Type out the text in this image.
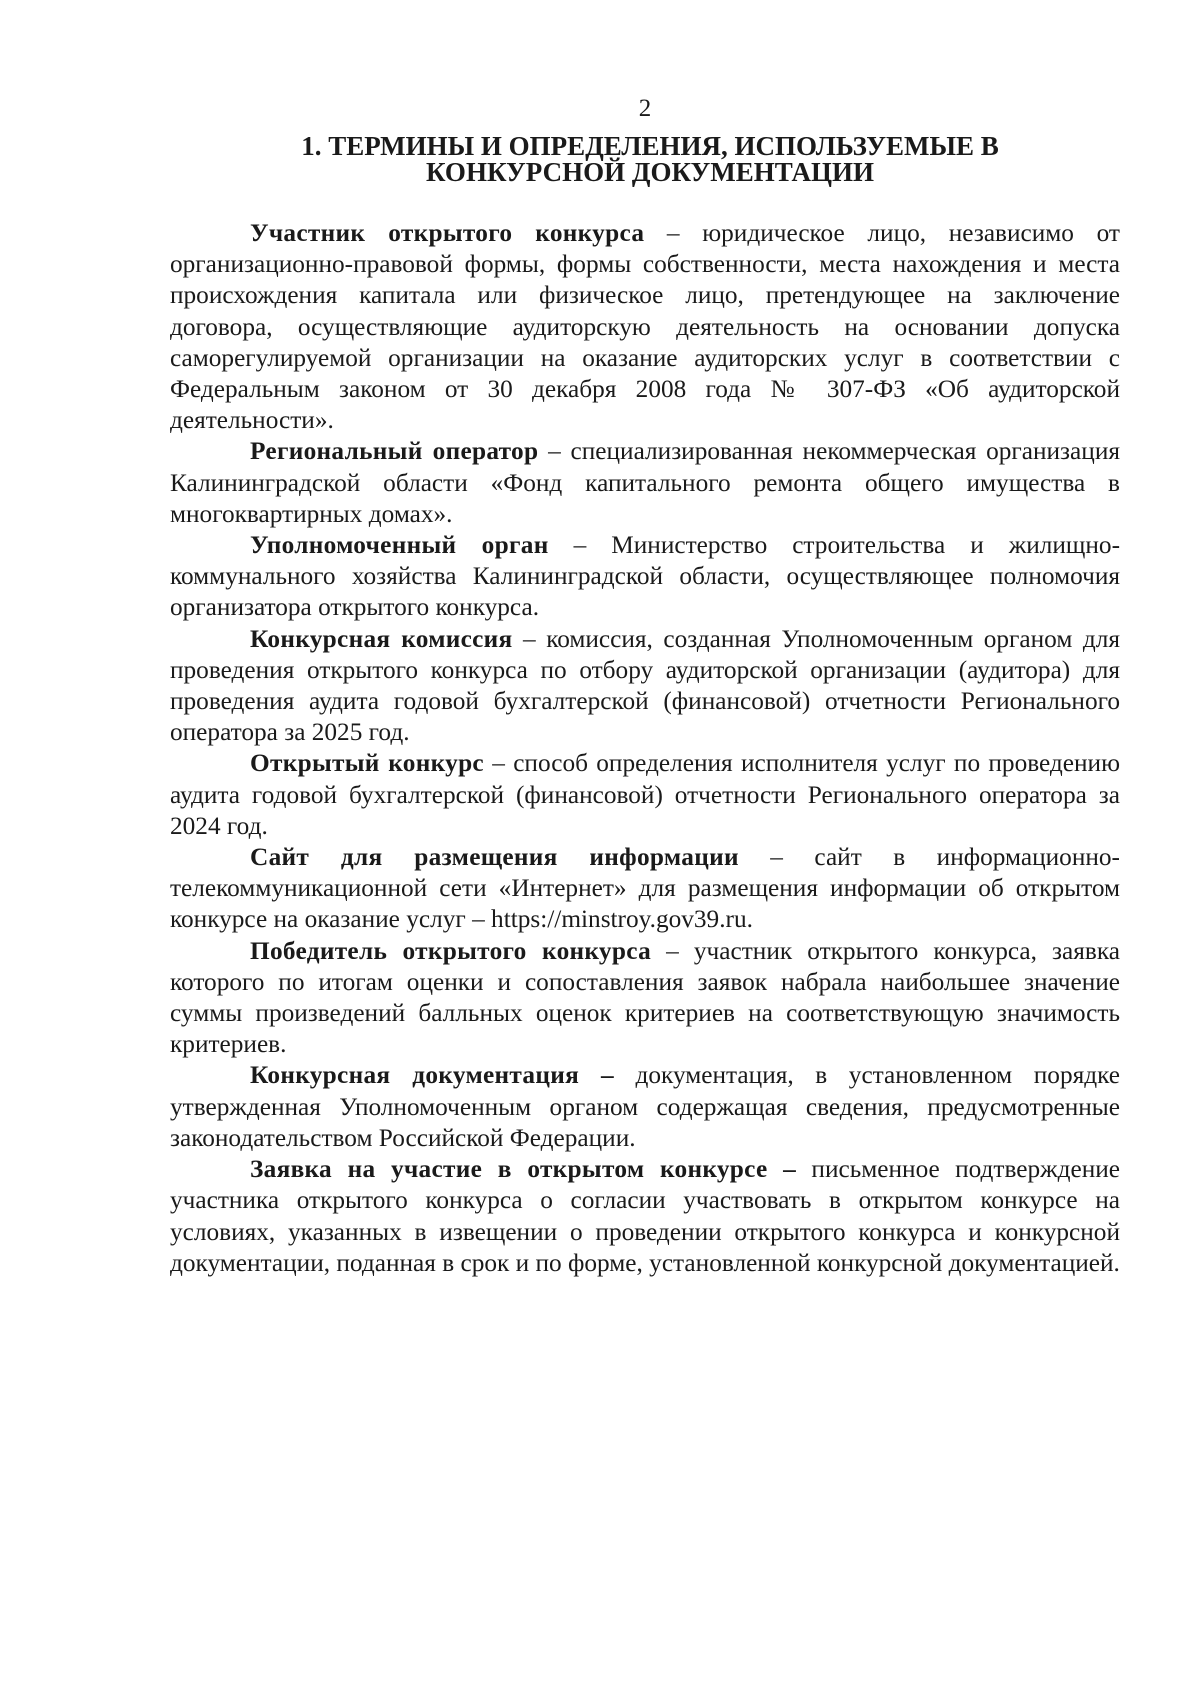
2
1. ТЕРМИНЫ И ОПРЕДЕЛЕНИЯ, ИСПОЛЬЗУЕМЫЕ В
КОНКУРСНОЙ ДОКУМЕНТАЦИИ

Участник открытого конкурса – юридическое лицо, независимо от организационно-правовой формы, формы собственности, места нахождения и места происхождения капитала или физическое лицо, претендующее на заключение договора, осуществляющие аудиторскую деятельность на основании допуска саморегулируемой организации на оказание аудиторских услуг в соответствии с Федеральным законом от 30 декабря 2008 года № 307-ФЗ «Об аудиторской деятельности».

Региональный оператор – специализированная некоммерческая организация Калининградской области «Фонд капитального ремонта общего имущества в многоквартирных домах».

Уполномоченный орган – Министерство строительства и жилищно-коммунального хозяйства Калининградской области, осуществляющее полномочия организатора открытого конкурса.

Конкурсная комиссия – комиссия, созданная Уполномоченным органом для проведения открытого конкурса по отбору аудиторской организации (аудитора) для проведения аудита годовой бухгалтерской (финансовой) отчетности Регионального оператора за 2025 год.

Открытый конкурс – способ определения исполнителя услуг по проведению аудита годовой бухгалтерской (финансовой) отчетности Регионального оператора за 2024 год.

Сайт для размещения информации – сайт в информационно-телекоммуникационной сети «Интернет» для размещения информации об открытом конкурсе на оказание услуг – https://minstroy.gov39.ru.

Победитель открытого конкурса – участник открытого конкурса, заявка которого по итогам оценки и сопоставления заявок набрала наибольшее значение суммы произведений балльных оценок критериев на соответствующую значимость критериев.

Конкурсная документация – документация, в установленном порядке утвержденная Уполномоченным органом содержащая сведения, предусмотренные законодательством Российской Федерации.

Заявка на участие в открытом конкурсе – письменное подтверждение участника открытого конкурса о согласии участвовать в открытом конкурсе на условиях, указанных в извещении о проведении открытого конкурса и конкурсной документации, поданная в срок и по форме, установленной конкурсной документацией.
